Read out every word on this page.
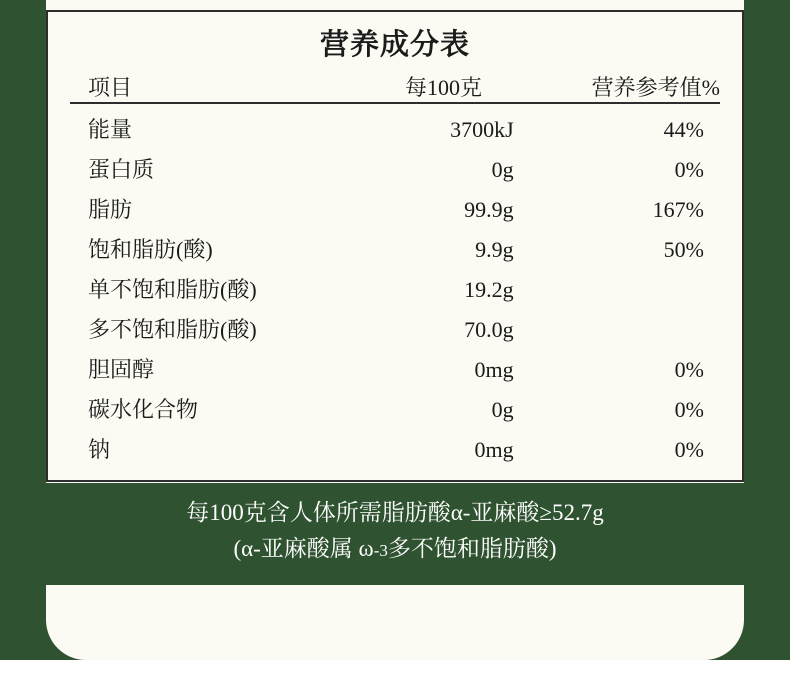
营养成分表
项目	每100克	营养参考值%

能量	3700kJ	44%
蛋白质	0g	0%
脂肪	99.9g	167%
饱和脂肪(酸)	9.9g	50%
单不饱和脂肪(酸)	19.2g	
多不饱和脂肪(酸)	70.0g	
胆固醇	0mg	0%
碳水化合物	0g	0%
钠	0mg	0%
每100克含人体所需脂肪酸α-亚麻酸≥52.7g
(α-亚麻酸属 ω-3多不饱和脂肪酸)
